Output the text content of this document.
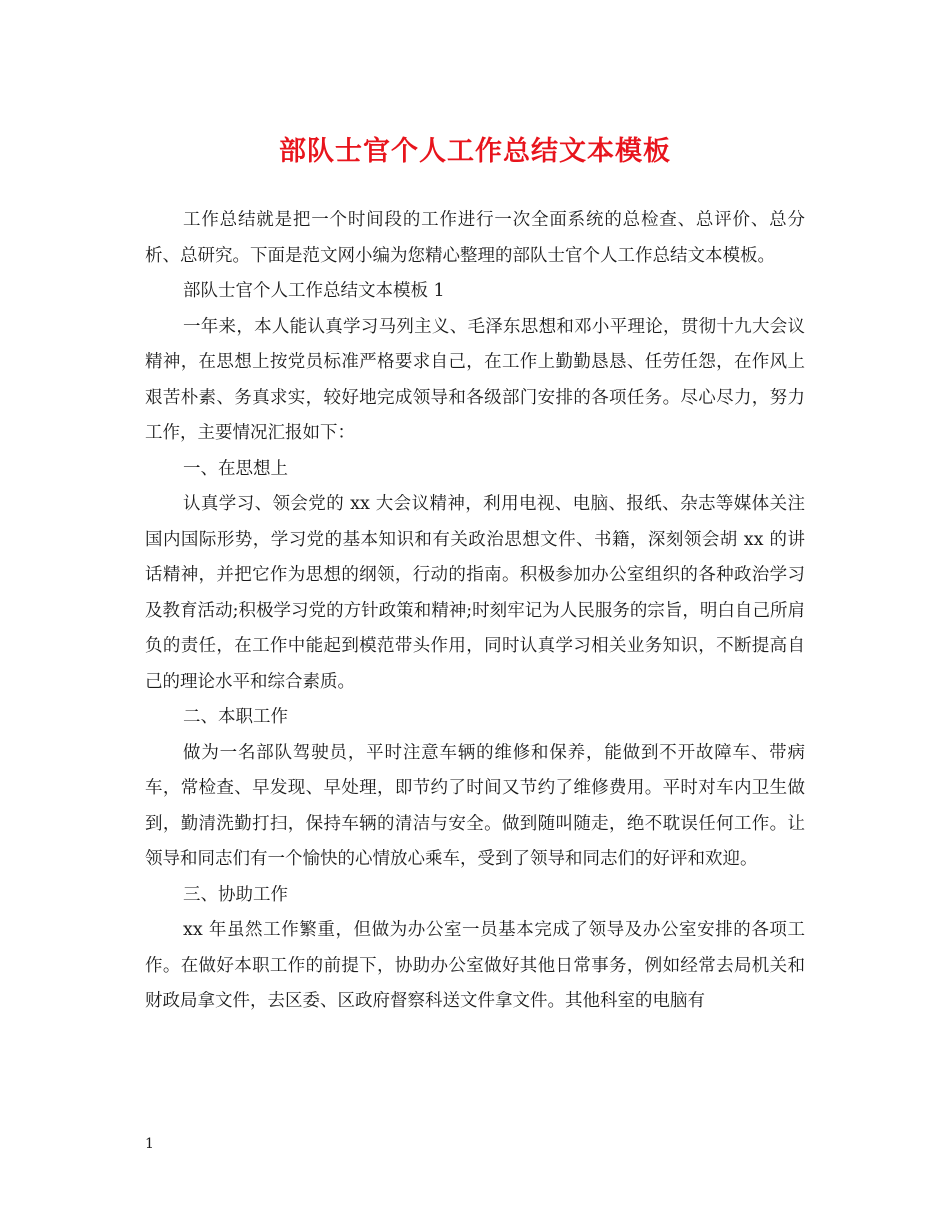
部队士官个人工作总结文本模板

工作总结就是把一个时间段的工作进行一次全面系统的总检查、总评价、总分析、总研究。下面是范文网小编为您精心整理的部队士官个人工作总结文本模板。

部队士官个人工作总结文本模板 1

一年来，本人能认真学习马列主义、毛泽东思想和邓小平理论，贯彻十九大会议精神，在思想上按党员标准严格要求自己，在工作上勤勤恳恳、任劳任怨，在作风上艰苦朴素、务真求实，较好地完成领导和各级部门安排的各项任务。尽心尽力，努力工作，主要情况汇报如下：

一、在思想上

认真学习、领会党的 xx 大会议精神，利用电视、电脑、报纸、杂志等媒体关注国内国际形势，学习党的基本知识和有关政治思想文件、书籍，深刻领会胡 xx 的讲话精神，并把它作为思想的纲领，行动的指南。积极参加办公室组织的各种政治学习及教育活动;积极学习党的方针政策和精神;时刻牢记为人民服务的宗旨，明白自己所肩负的责任，在工作中能起到模范带头作用，同时认真学习相关业务知识，不断提高自己的理论水平和综合素质。

二、本职工作

做为一名部队驾驶员，平时注意车辆的维修和保养，能做到不开故障车、带病车，常检查、早发现、早处理，即节约了时间又节约了维修费用。平时对车内卫生做到，勤清洗勤打扫，保持车辆的清洁与安全。做到随叫随走，绝不耽误任何工作。让领导和同志们有一个愉快的心情放心乘车，受到了领导和同志们的好评和欢迎。

三、协助工作

xx 年虽然工作繁重，但做为办公室一员基本完成了领导及办公室安排的各项工作。在做好本职工作的前提下，协助办公室做好其他日常事务，例如经常去局机关和财政局拿文件，去区委、区政府督察科送文件拿文件。其他科室的电脑有

1
